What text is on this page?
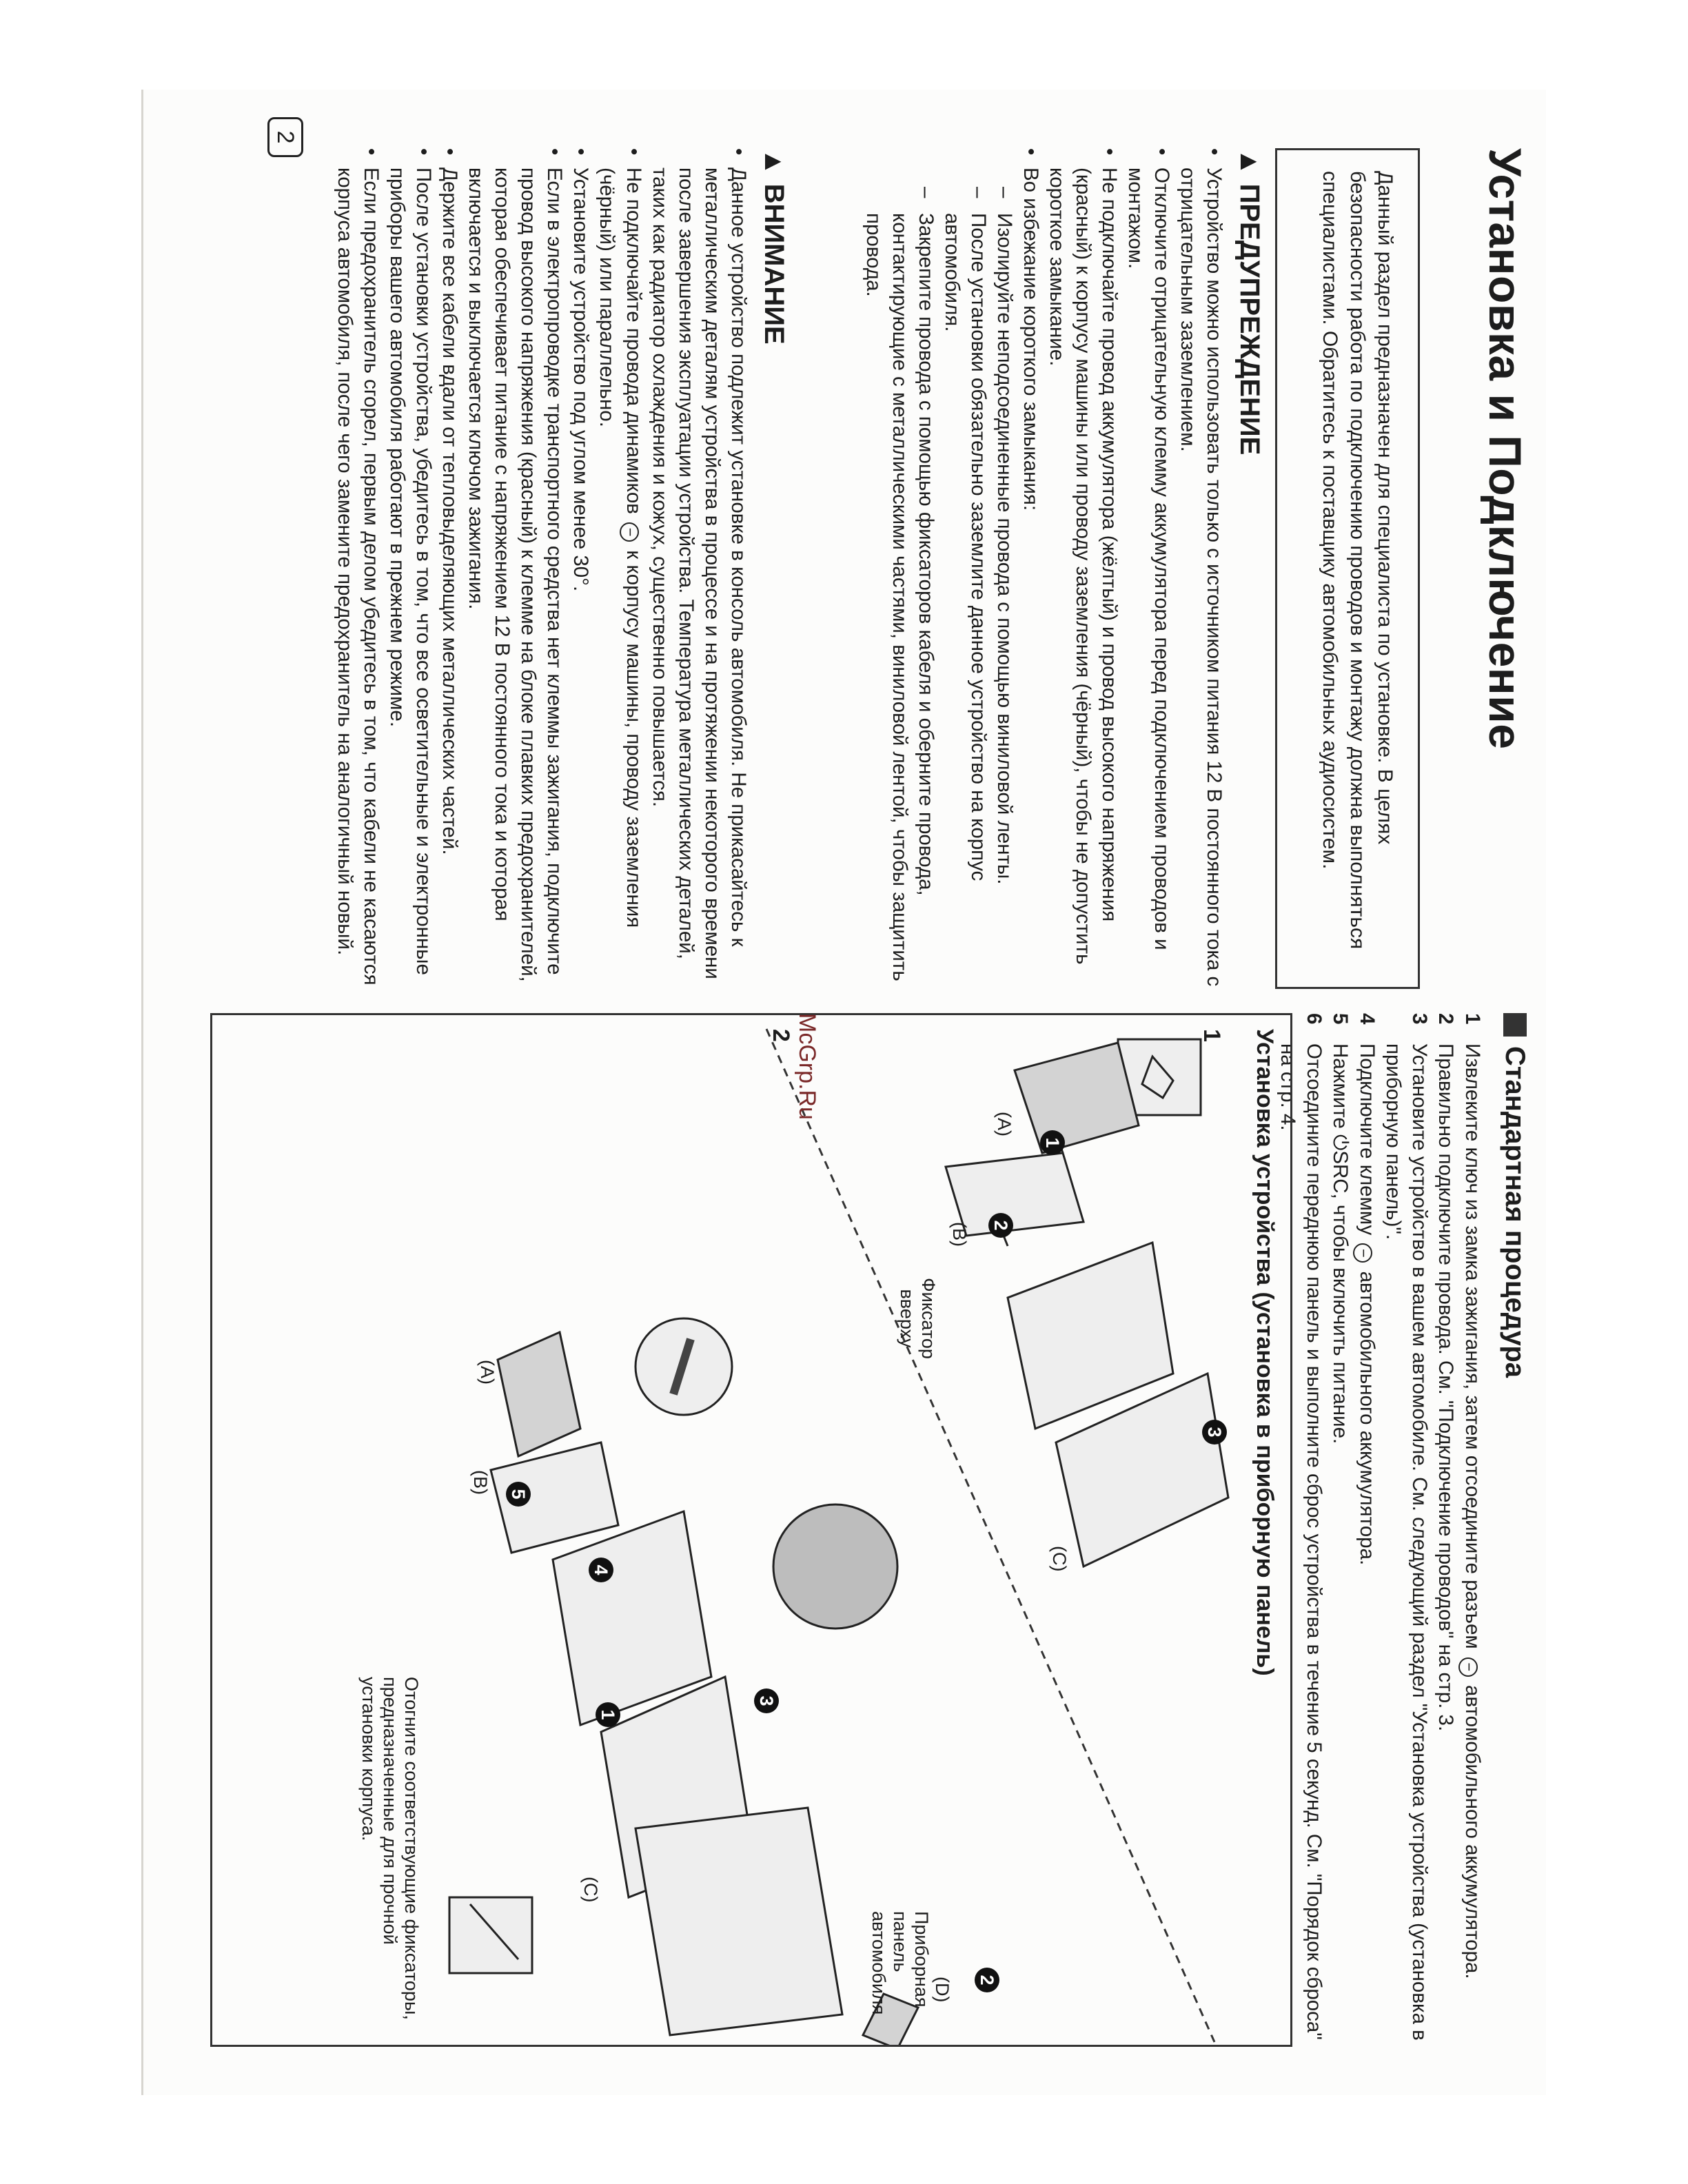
Установка и Подключение
Данный раздел предназначен для специалиста по установке. В целях безопасности работа по подключению проводов и монтажу должна выполняться специалистами. Обратитесь к поставщику автомобильных аудиосистем.
▲ПРЕДУПРЕЖДЕНИЕ
• Устройство можно использовать только с источником питания 12 В постоянного тока с отрицательным заземлением.
• Отключите отрицательную клемму аккумулятора перед подключением проводов и монтажом.
• Не подключайте провод аккумулятора (жёлтый) и провод высокого напряжения (красный) к корпусу машины или проводу заземления (чёрный), чтобы не допустить короткое замыкание.
• Во избежание короткого замыкания:
– Изолируйте неподсоединенные провода с помощью виниловой ленты.
– После установки обязательно заземлите данное устройство на корпус автомобиля.
– Закрепите провода с помощью фиксаторов кабеля и оберните провода, контактирующие с металлическими частями, виниловой лентой, чтобы защитить провода.
▲ВНИМАНИЕ
• Данное устройство подлежит установке в консоль автомобиля. Не прикасайтесь к металлическим деталям устройства в процессе и на протяжении некоторого времени после завершения эксплуатации устройства. Температура металлических деталей, таких как радиатор охлаждения и кожух, существенно повышается.
• Не подключайте провода динамиков − к корпусу машины, проводу заземления (чёрный) или параллельно.
• Установите устройство под углом менее 30°.
• Если в электропроводке транспортного средства нет клеммы зажигания, подключите провод высокого напряжения (красный) к клемме на блоке плавких предохранителей, которая обеспечивает питание с напряжением 12 В постоянного тока и которая включается и выключается ключом зажигания.
• Держите все кабели вдали от тепловыделяющих металлических частей.
• После установки устройства, убедитесь в том, что все осветительные и электронные приборы вашего автомобиля работают в прежнем режиме.
• Если предохранитель сгорел, первым делом убедитесь в том, что кабели не касаются корпуса автомобиля, после чего замените предохранитель на аналогичный новый.
2
Стандартная процедура
1
Извлеките ключ из замка зажигания, затем отсоедините разъем − автомобильного аккумулятора.
2
Правильно подключите провода. См. "Подключение проводов" на стр. 3.
3
Установите устройство в вашем автомобиле. См. следующий раздел "Установка устройства (установка в приборную панель)".
4
Подключите клемму − автомобильного аккумулятора.
5
Нажмите ⏻SRC, чтобы включить питание.
6
Отсоедините переднюю панель и выполните сброс устройства в течение 5 секунд. См. "Порядок сброса" на стр. 4.
Установка устройства (установка в приборную панель)
1
2
3
1
2
3
4
5
1
2
(A)
(B)
(C)
(A)
(B)
(C)
(D)
Фиксатор вверху
Приборная панель автомобиля
Отогните соответствующие фиксаторы, предназначенные для прочной установки корпуса.
McGrp.Ru
